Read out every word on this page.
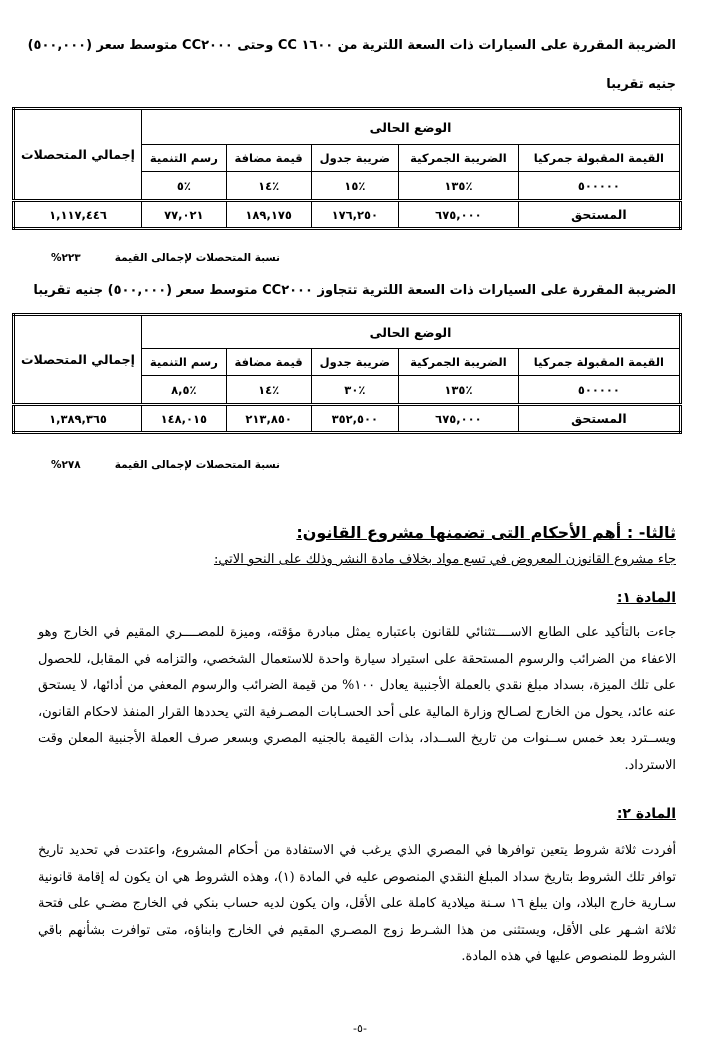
الضريبة المقررة على السيارات ذات السعة اللترية من ١٦٠٠ CC وحتى CC٢٠٠٠ متوسط سعر (٥٠٠,٠٠٠)
جنيه تقريبا
الوضع الحالى					إجمالي المتحصلات
القيمة المقبولة جمركيا	الضريبة الجمركية	ضريبة جدول	قيمة مضافة	رسم التنمية	
٥٠٠٠٠٠	٪١٣٥	٪١٥	٪١٤	٪٥	
المستحق	٦٧٥,٠٠٠	١٧٦,٢٥٠	١٨٩,١٧٥	٧٧,٠٢١	١,١١٧,٤٤٦
نسبة المتحصلات لإجمالى القيمة٢٢٣%
الضريبة المقررة على السيارات ذات السعة اللترية تتجاوز CC٢٠٠٠ متوسط سعر (٥٠٠,٠٠٠) جنيه تقريبا
الوضع الحالى					إجمالي المتحصلات
القيمة المقبولة جمركيا	الضريبة الجمركية	ضريبة جدول	قيمة مضافة	رسم التنمية	
٥٠٠٠٠٠	٪١٣٥	٪٣٠	٪١٤	٪٨,٥	
المستحق	٦٧٥,٠٠٠	٣٥٢,٥٠٠	٢١٣,٨٥٠	١٤٨,٠١٥	١,٣٨٩,٣٦٥
نسبة المتحصلات لإجمالى القيمة٢٧٨%
ثالثا- : أهم الأحكام التى تضمنها مشروع القانون:
جاء مشروع القانوزن المعروض في تسع مواد بخلاف مادة النشر وذلك على النحو الاتي:
المادة ١:
جاءت بالتأكيد على الطابع الاســــتثنائي للقانون باعتباره يمثل مبادرة مؤقته، وميزة للمصــــري المقيم في الخارج وهو الاعفاء من الضرائب والرسوم المستحقة على استيراد سيارة واحدة للاستعمال الشخصي، والتزامه في المقابل، للحصول على تلك الميزة، بسداد مبلغ نقدي بالعملة الأجنبية يعادل ١٠٠% من قيمة الضرائب والرسوم المعفي من أدائها، لا يستحق عنه عائد، يحول من الخارج لصـالح وزارة المالية على أحد الحسـابات المصـرفية التي يحددها القرار المنفذ لاحكام القانون، ويســترد بعد خمس ســنوات من تاريخ الســداد، بذات القيمة بالجنيه المصري وبسعر صرف العملة الأجنبية المعلن وقت الاسترداد.
المادة ٢:
أفردت ثلاثة شروط يتعين توافرها في المصري الذي يرغب في الاستفادة من أحكام المشروع، واعتدت في تحديد تاريخ توافر تلك الشروط بتاريخ سداد المبلغ النقدي المنصوص عليه في المادة (١)، وهذه الشروط هي ان يكون له إقامة قانونية سـارية خارج البلاد، وان يبلغ ١٦ سـنة ميلادية كاملة على الأقل، وان يكون لديه حساب بنكي في الخارج مضـي على فتحة ثلاثة اشـهر على الأقل، ويستثنى من هذا الشـرط زوج المصـري المقيم في الخارج وابناؤه، متى توافرت بشأنهم باقي الشروط للمنصوص عليها في هذه المادة.
-٥-
